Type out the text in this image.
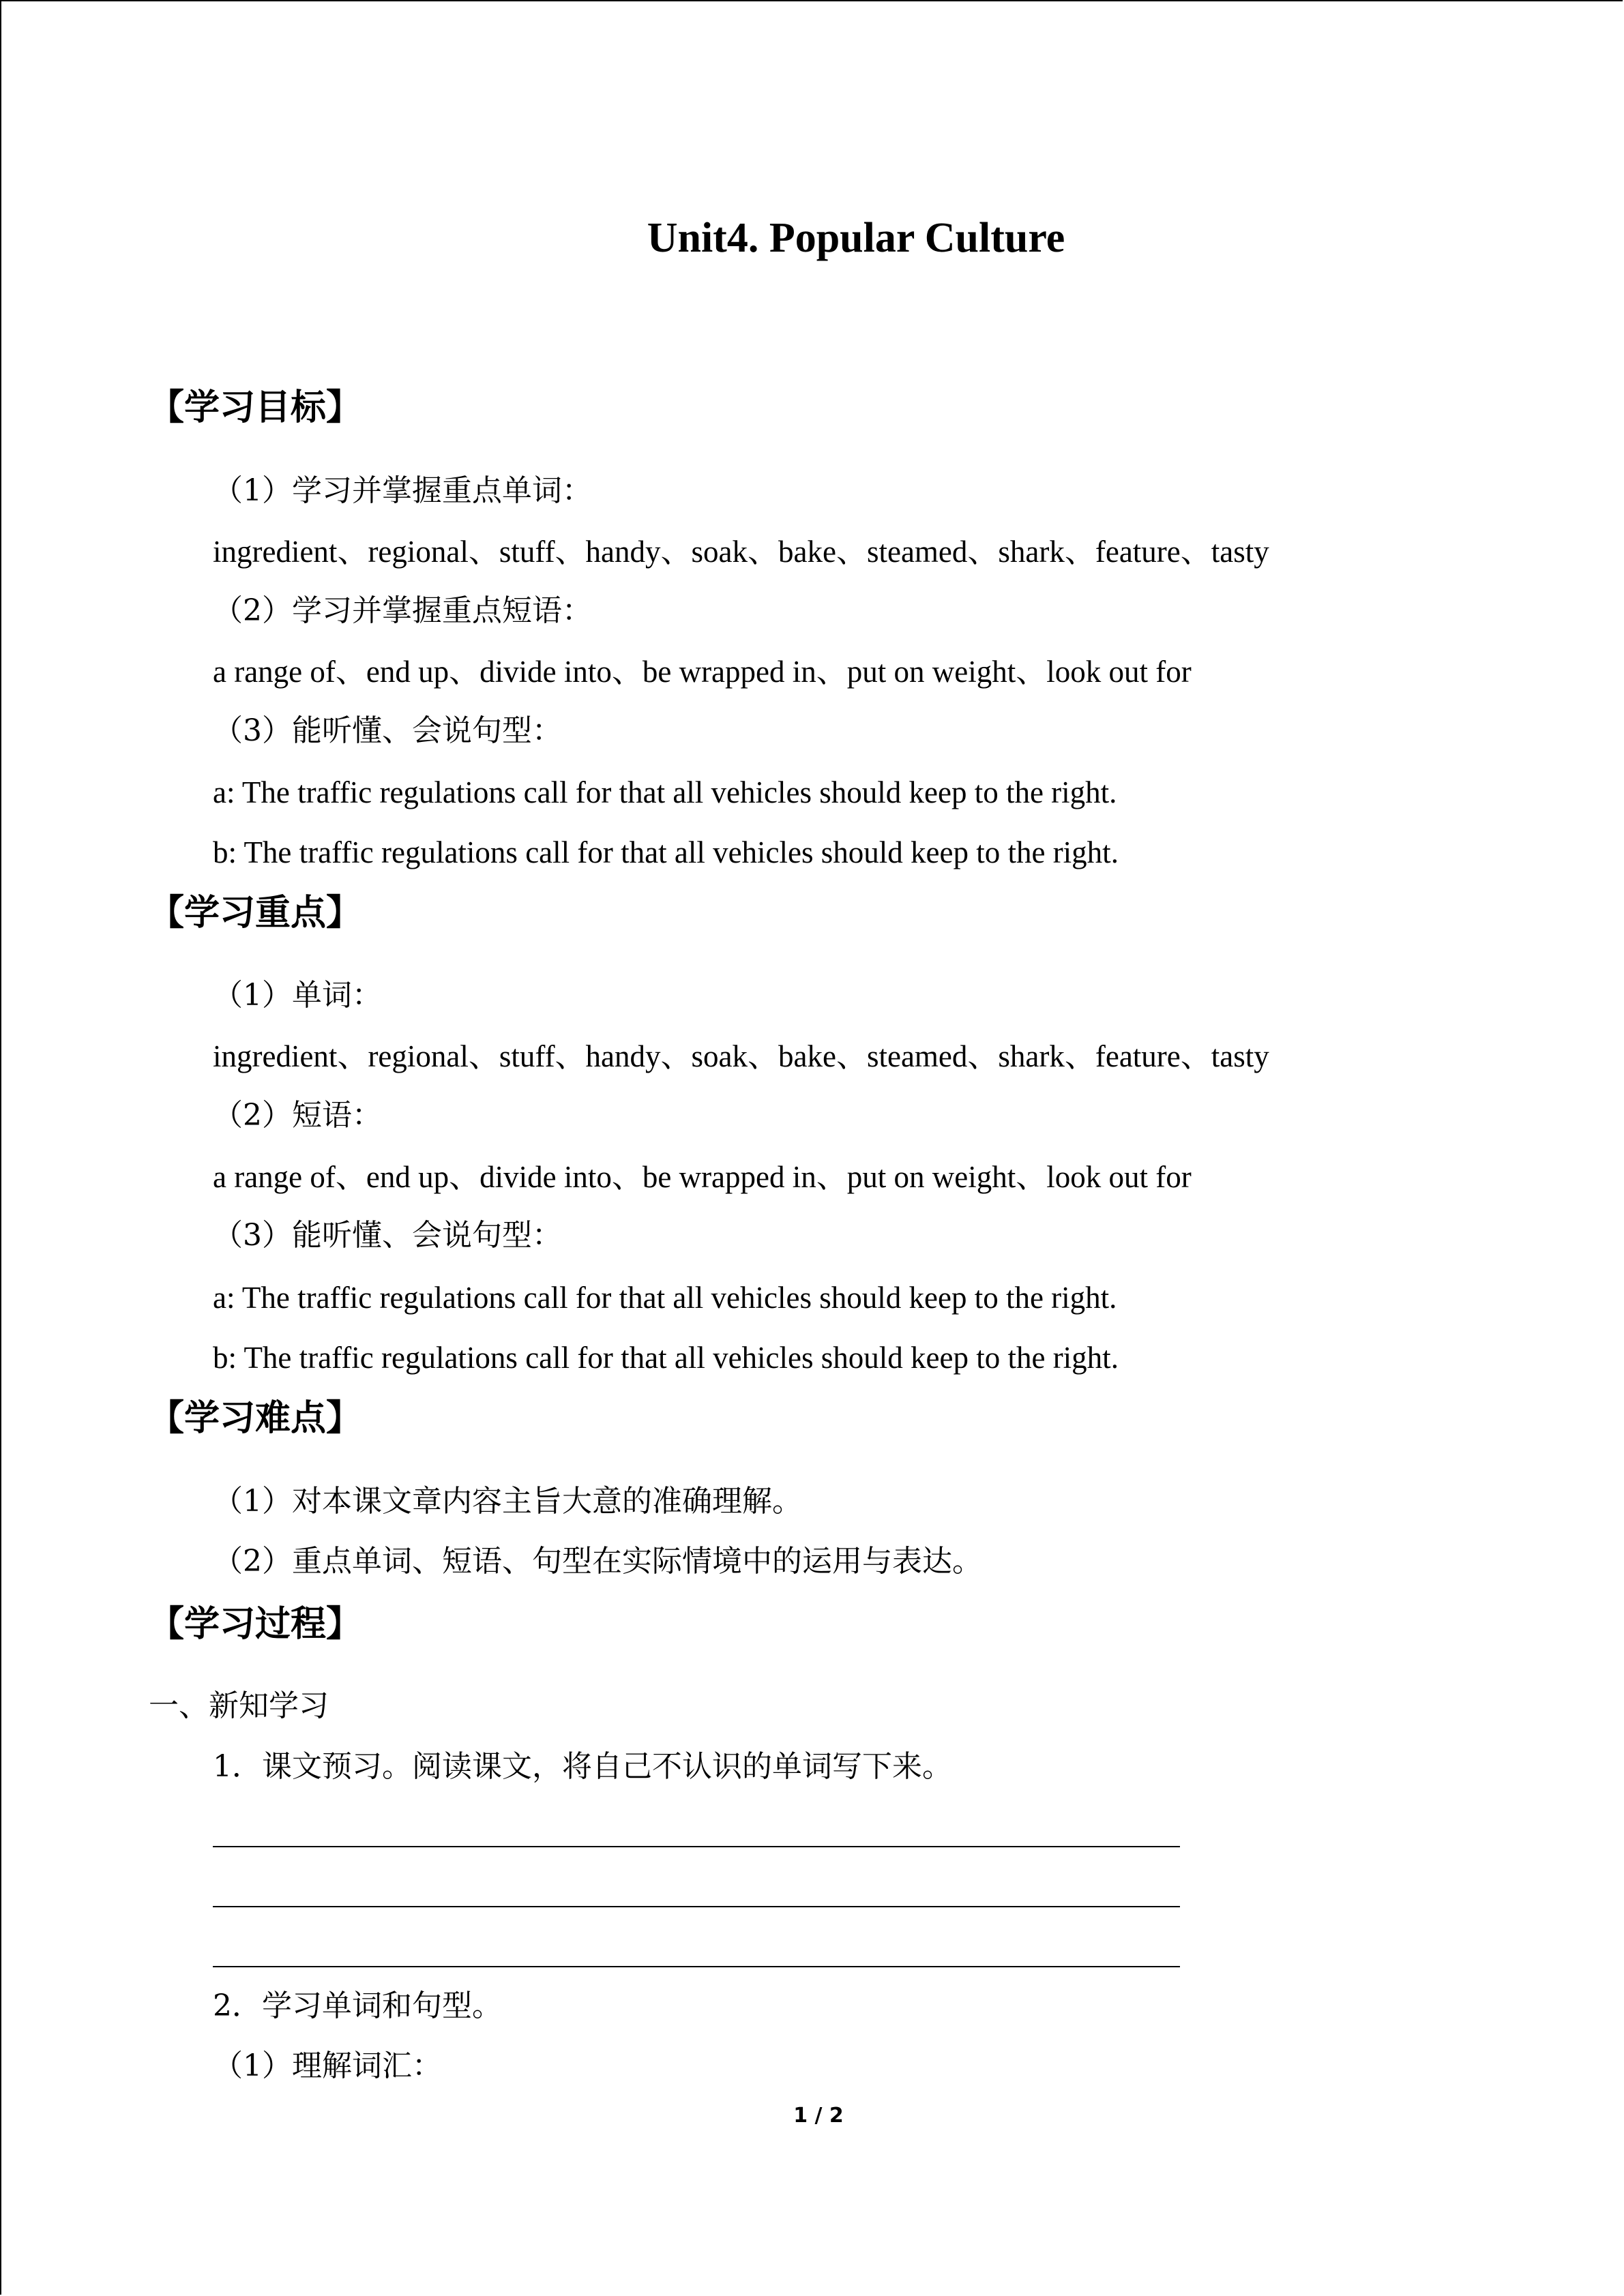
Unit4. Popular Culture
【学习目标】
（1）学习并掌握重点单词：
ingredient、regional、stuff、handy、soak、bake、steamed、shark、feature、tasty
（2）学习并掌握重点短语：
a range of、end up、divide into、be wrapped in、put on weight、look out for
（3）能听懂、会说句型：
a: The traffic regulations call for that all vehicles should keep to the right.
b: The traffic regulations call for that all vehicles should keep to the right.
【学习重点】
（1）单词：
ingredient、regional、stuff、handy、soak、bake、steamed、shark、feature、tasty
（2）短语：
a range of、end up、divide into、be wrapped in、put on weight、look out for
（3）能听懂、会说句型：
a: The traffic regulations call for that all vehicles should keep to the right.
b: The traffic regulations call for that all vehicles should keep to the right.
【学习难点】
（1）对本课文章内容主旨大意的准确理解。
（2）重点单词、短语、句型在实际情境中的运用与表达。
【学习过程】
一、新知学习
1．课文预习。阅读课文，将自己不认识的单词写下来。
2．学习单词和句型。
（1）理解词汇：
1 / 2
